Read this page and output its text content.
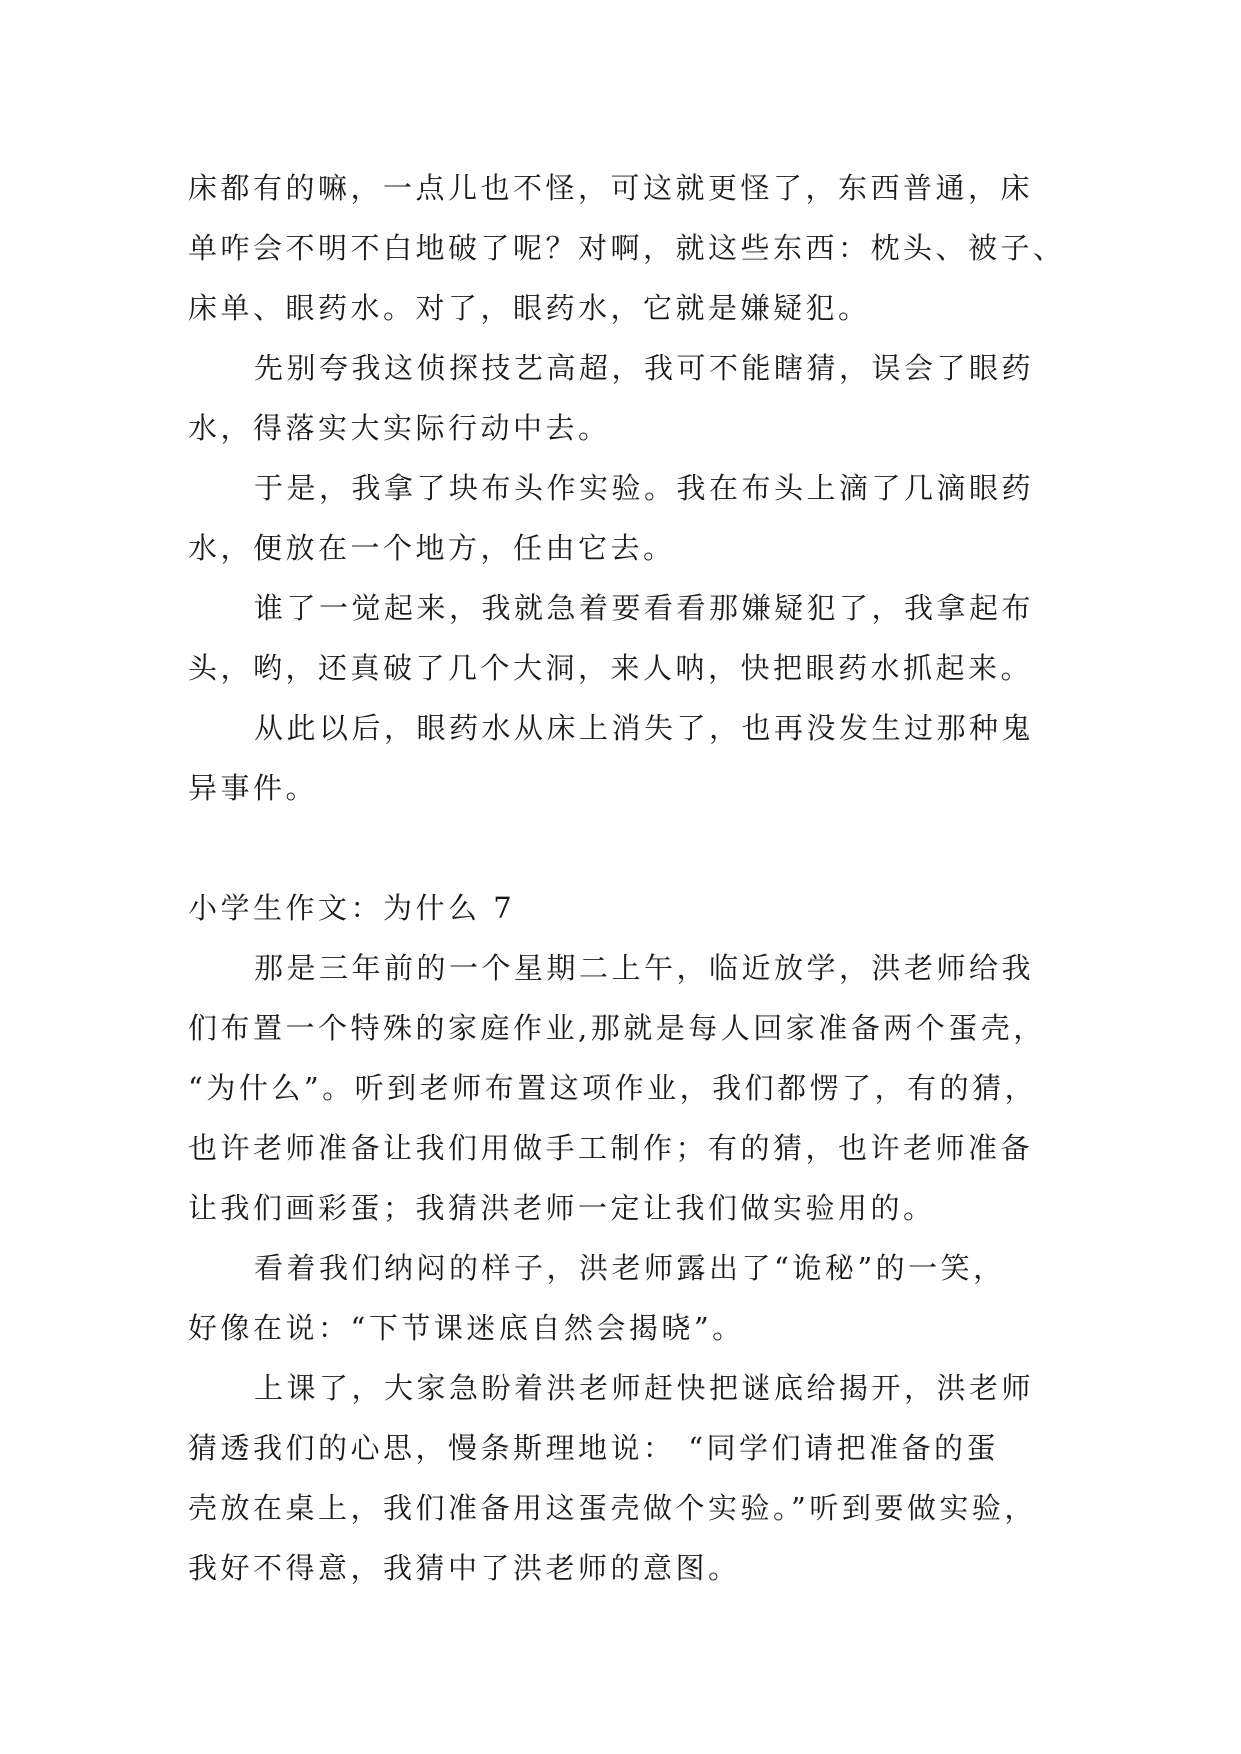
床都有的嘛，一点儿也不怪，可这就更怪了，东西普通，床
单咋会不明不白地破了呢？对啊，就这些东西：枕头、被子、
床单、眼药水。对了，眼药水，它就是嫌疑犯。
先别夸我这侦探技艺高超，我可不能瞎猜，误会了眼药
水，得落实大实际行动中去。
于是，我拿了块布头作实验。我在布头上滴了几滴眼药
水，便放在一个地方，任由它去。
谁了一觉起来，我就急着要看看那嫌疑犯了，我拿起布
头，哟，还真破了几个大洞，来人呐，快把眼药水抓起来。
从此以后，眼药水从床上消失了，也再没发生过那种鬼
异事件。
小学生作文：为什么 7
那是三年前的一个星期二上午，临近放学，洪老师给我
们布置一个特殊的家庭作业,那就是每人回家准备两个蛋壳，
“为什么”。听到老师布置这项作业，我们都愣了，有的猜，
也许老师准备让我们用做手工制作；有的猜，也许老师准备
让我们画彩蛋；我猜洪老师一定让我们做实验用的。
看着我们纳闷的样子，洪老师露出了“诡秘”的一笑，
好像在说：“下节课迷底自然会揭晓”。
上课了，大家急盼着洪老师赶快把谜底给揭开，洪老师
猜透我们的心思，慢条斯理地说： “同学们请把准备的蛋
壳放在桌上，我们准备用这蛋壳做个实验。”听到要做实验，
我好不得意，我猜中了洪老师的意图。
